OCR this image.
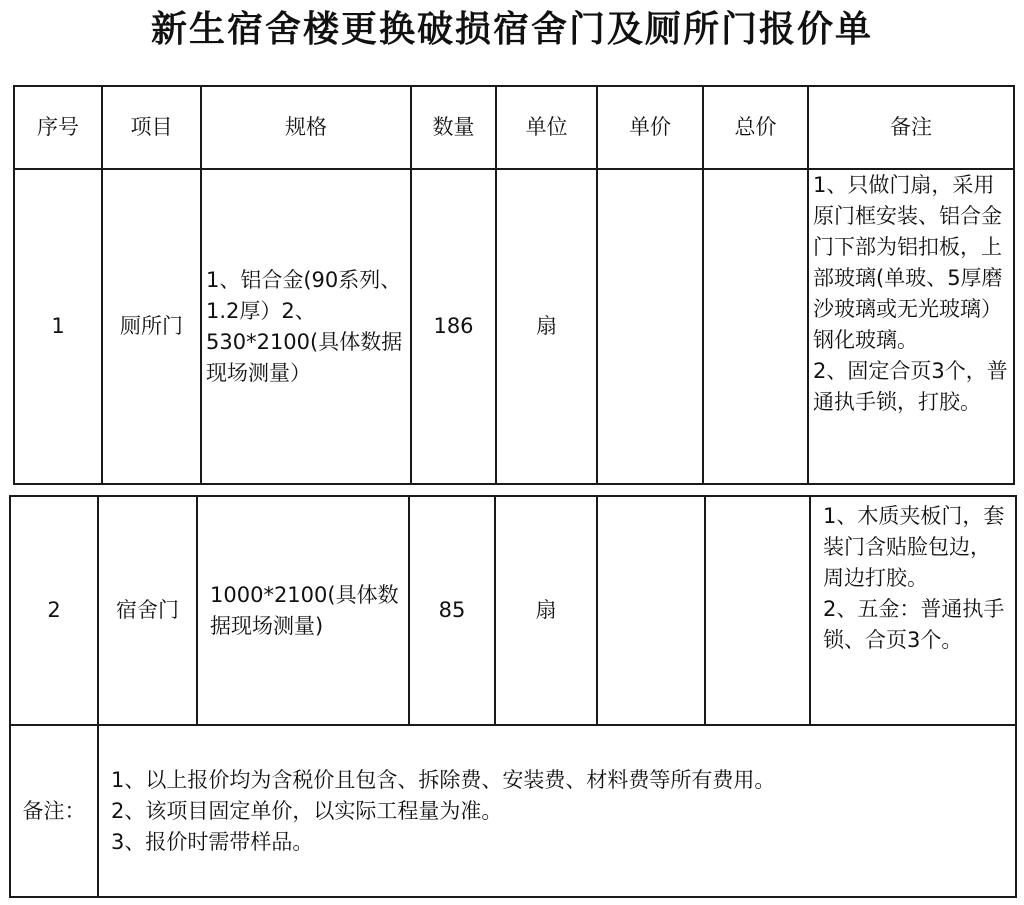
新生宿舍楼更换破损宿舍门及厕所门报价单
序号	项目	规格	数量	单位	单价	总价	备注
1	厕所门	1、铝合金(90系列、1.2厚）2、530*2100(具体数据现场测量）	186	扇			1、只做门扇，采用原门框安装、铝合金门下部为铝扣板，上部玻璃(单玻、5厚磨沙玻璃或无光玻璃）钢化玻璃。
2、固定合页3个，普通执手锁，打胶。
2	宿舍门	1000*2100(具体数据现场测量)	85	扇			1、木质夹板门，套装门含贴脸包边，周边打胶。
2、五金：普通执手锁、合页3个。

备注：	1、以上报价均为含税价且包含、拆除费、安装费、材料费等所有费用。
2、该项目固定单价，以实际工程量为准。
3、报价时需带样品。						
